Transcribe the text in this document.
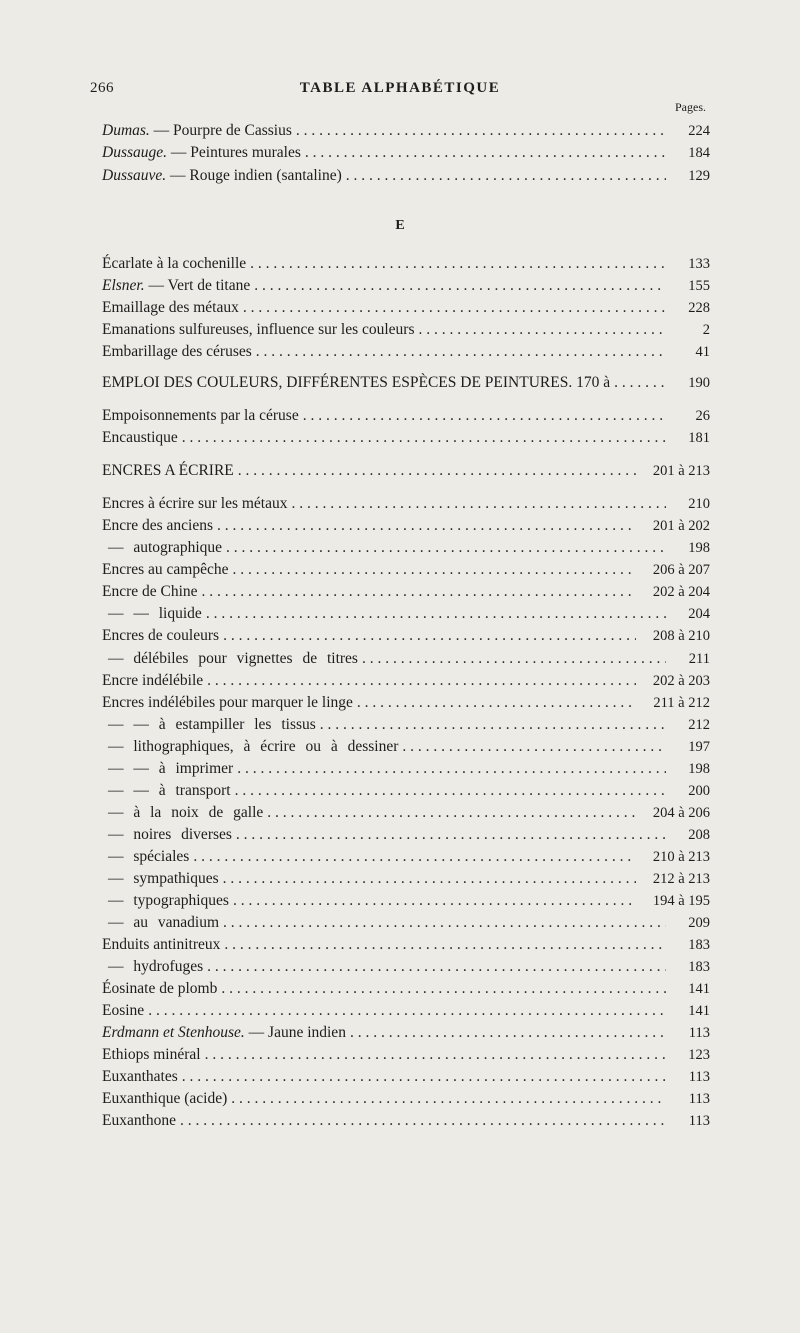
266	TABLE ALPHABÉTIQUE
Pages.
E
Dumas. — Pourpre de Cassius . . .	224
Dussauge. — Peintures murales . . .	184
Dussauve. — Rouge indien (santaline) . . .	129
Écarlate à la cochenille . . .	133
Elsner. — Vert de titane . . .	155
Emaillage des métaux . . .	228
Emanations sulfureuses, influence sur les couleurs . . .	2
Embarillage des céruses . . .	41
EMPLOI DES COULEURS, DIFFÉRENTES ESPÈCES DE PEINTURES. 170 à . . .	190
Empoisonnements par la céruse . . .	26
Encaustique . . .	181
ENCRES A ÉCRIRE . . .	201 à 213
Encres à écrire sur les métaux . . .	210
Encre des anciens . . .	201 à 202
— autographique . . .	198
Encres au campêche . . .	206 à 207
Encre de Chine . . .	202 à 204
— — liquide . . .	204
Encres de couleurs . . .	208 à 210
— délébiles pour vignettes de titres . . .	211
Encre indélébile . . .	202 à 203
Encres indélébiles pour marquer le linge . . .	211 à 212
— — à estampiller les tissus . . .	212
— lithographiques, à écrire ou à dessiner . . .	197
— — à imprimer . . .	198
— — à transport . . .	200
— à la noix de galle . . .	204 à 206
— noires diverses . . .	208
— spéciales . . .	210 à 213
— sympathiques . . .	212 à 213
— typographiques . . .	194 à 195
— au vanadium . . .	209
Enduits antinitreux . . .	183
— hydrofuges . . .	183
Éosinate de plomb . . .	141
Eosine . . .	141
Erdmann et Stenhouse. — Jaune indien . . .	113
Ethiops minéral . . .	123
Euxanthates . . .	113
Euxanthique (acide) . . .	113
Euxanthone . . .	113
